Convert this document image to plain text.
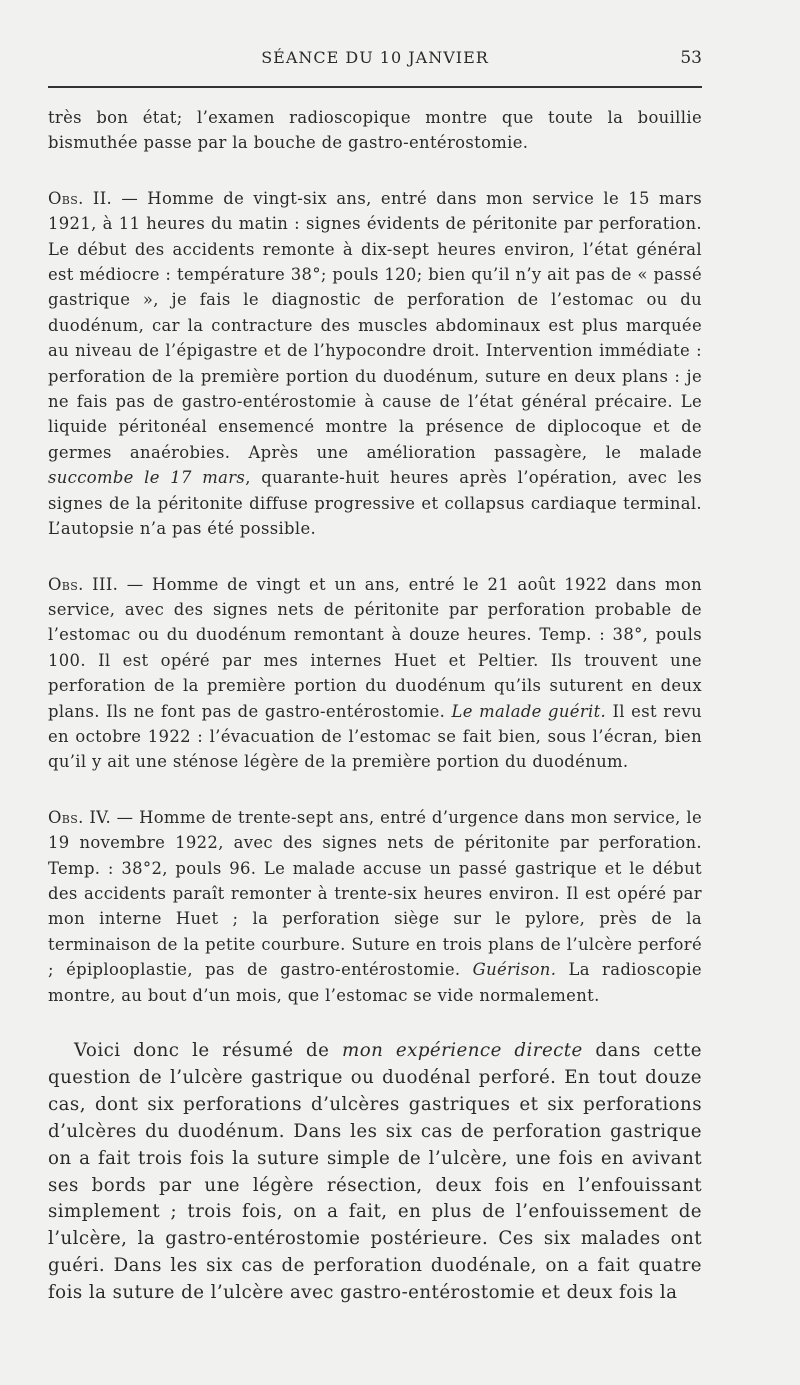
SÉANCE DU 10 JANVIER	53

très bon état; l’examen radioscopique montre que toute la bouillie bismuthée passe par la bouche de gastro-entérostomie.

Obs. II. — Homme de vingt-six ans, entré dans mon service le 15 mars 1921, à 11 heures du matin : signes évidents de péritonite par perforation. Le début des accidents remonte à dix-sept heures environ, l’état général est médiocre : température 38°; pouls 120; bien qu’il n’y ait pas de « passé gastrique », je fais le diagnostic de perforation de l’estomac ou du duodénum, car la contracture des muscles abdominaux est plus marquée au niveau de l’épigastre et de l’hypocondre droit. Intervention immédiate : perforation de la première portion du duodénum, suture en deux plans : je ne fais pas de gastro-entérostomie à cause de l’état général précaire. Le liquide péritonéal ensemencé montre la présence de diplocoque et de germes anaérobies. Après une amélioration passagère, le malade succombe le 17 mars, quarante-huit heures après l’opération, avec les signes de la péritonite diffuse progressive et collapsus cardiaque terminal. L’autopsie n’a pas été possible.

Obs. III. — Homme de vingt et un ans, entré le 21 août 1922 dans mon service, avec des signes nets de péritonite par perforation probable de l’estomac ou du duodénum remontant à douze heures. Temp. : 38°, pouls 100. Il est opéré par mes internes Huet et Peltier. Ils trouvent une perforation de la première portion du duodénum qu’ils suturent en deux plans. Ils ne font pas de gastro-entérostomie. Le malade guérit. Il est revu en octobre 1922 : l’évacuation de l’estomac se fait bien, sous l’écran, bien qu’il y ait une sténose légère de la première portion du duodénum.

Obs. IV. — Homme de trente-sept ans, entré d’urgence dans mon service, le 19 novembre 1922, avec des signes nets de péritonite par perforation. Temp. : 38°2, pouls 96. Le malade accuse un passé gastrique et le début des accidents paraît remonter à trente-six heures environ. Il est opéré par mon interne Huet ; la perforation siège sur le pylore, près de la terminaison de la petite courbure. Suture en trois plans de l’ulcère perforé ; épiplooplastie, pas de gastro-entérostomie. Guérison. La radioscopie montre, au bout d’un mois, que l’estomac se vide normalement.

Voici donc le résumé de mon expérience directe dans cette question de l’ulcère gastrique ou duodénal perforé. En tout douze cas, dont six perforations d’ulcères gastriques et six perforations d’ulcères du duodénum. Dans les six cas de perforation gastrique on a fait trois fois la suture simple de l’ulcère, une fois en avivant ses bords par une légère résection, deux fois en l’enfouissant simplement ; trois fois, on a fait, en plus de l’enfouissement de l’ulcère, la gastro-entérostomie postérieure. Ces six malades ont guéri. Dans les six cas de perforation duodénale, on a fait quatre fois la suture de l’ulcère avec gastro-entérostomie et deux fois la
